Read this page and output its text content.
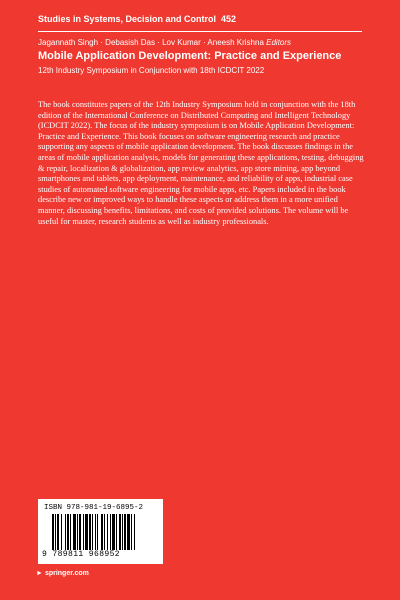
Studies in Systems, Decision and Control 452
Jagannath Singh · Debasish Das · Lov Kumar · Aneesh Krishna Editors
Mobile Application Development: Practice and Experience
12th Industry Symposium in Conjunction with 18th ICDCIT 2022

The book constitutes papers of the 12th Industry Symposium held in conjunction with the 18th edition of the International Conference on Distributed Computing and Intelligent Technology (ICDCIT 2022). The focus of the industry symposium is on Mobile Application Development: Practice and Experience. This book focuses on software engineering research and practice supporting any aspects of mobile application development. The book discusses findings in the areas of mobile application analysis, models for generating these applications, testing, debugging & repair, localization & globalization, app review analytics, app store mining, app beyond smartphones and tablets, app deployment, maintenance, and reliability of apps, industrial case studies of automated software engineering for mobile apps, etc. Papers included in the book describe new or improved ways to handle these aspects or address them in a more unified manner, discussing benefits, limitations, and costs of provided solutions. The volume will be useful for master, research students as well as industry professionals.

ISBN 978-981-19-6895-2
9 789811 968952
► springer.com
